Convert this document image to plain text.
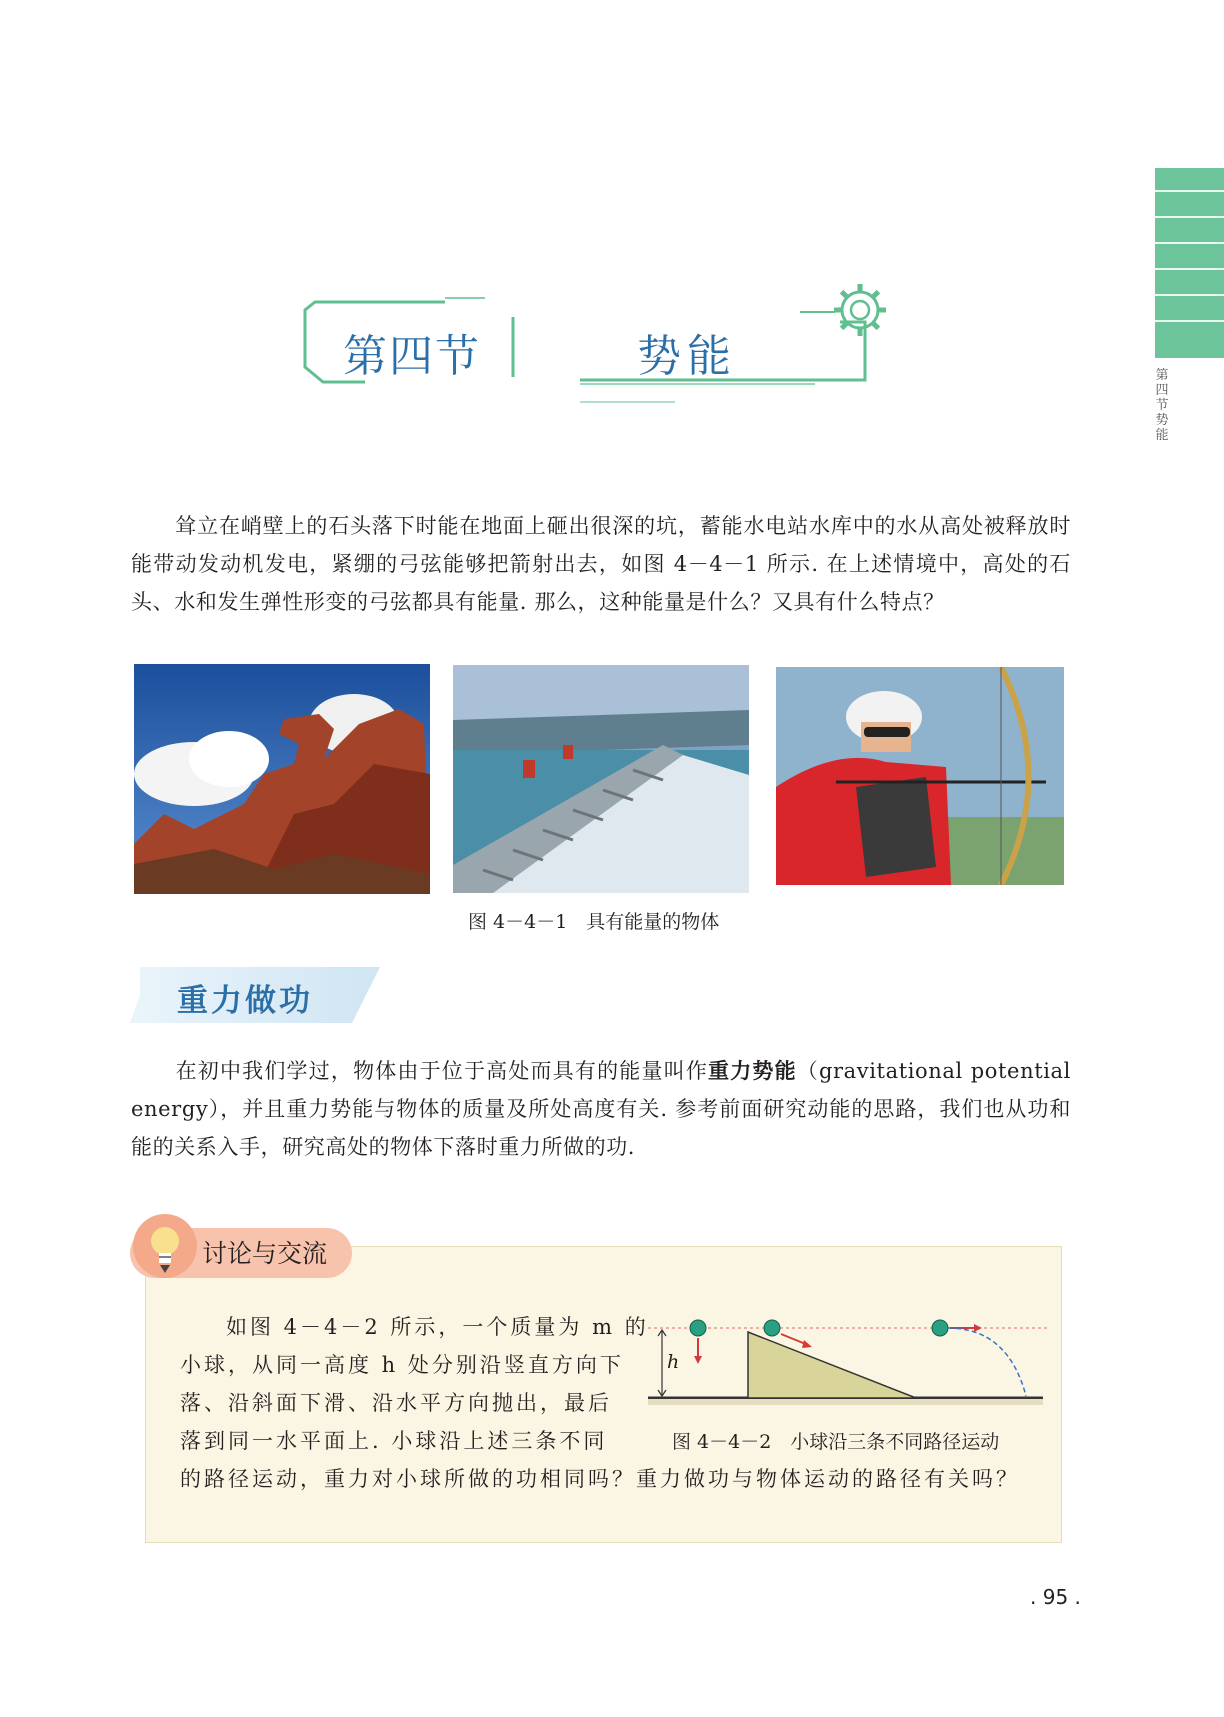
第四节 势能
第四节	势能
耸立在峭壁上的石头落下时能在地面上砸出很深的坑，蓄能水电站水库中的水从高处被释放时能带动发动机发电，紧绷的弓弦能够把箭射出去，如图 4－4－1 所示. 在上述情境中，高处的石头、水和发生弹性形变的弓弦都具有能量. 那么，这种能量是什么？又具有什么特点？
图 4－4－1　具有能量的物体
重力做功
在初中我们学过，物体由于位于高处而具有的能量叫作重力势能（gravitational potential energy），并且重力势能与物体的质量及所处高度有关. 参考前面研究动能的思路，我们也从功和能的关系入手，研究高处的物体下落时重力所做的功.
讨论与交流
如图 4－4－2 所示，一个质量为 m 的
小球，从同一高度 h 处分别沿竖直方向下
落、沿斜面下滑、沿水平方向抛出，最后
落到同一水平面上. 小球沿上述三条不同
的路径运动，重力对小球所做的功相同吗？重力做功与物体运动的路径有关吗？
h
图 4－4－2　小球沿三条不同路径运动
. 95 .
